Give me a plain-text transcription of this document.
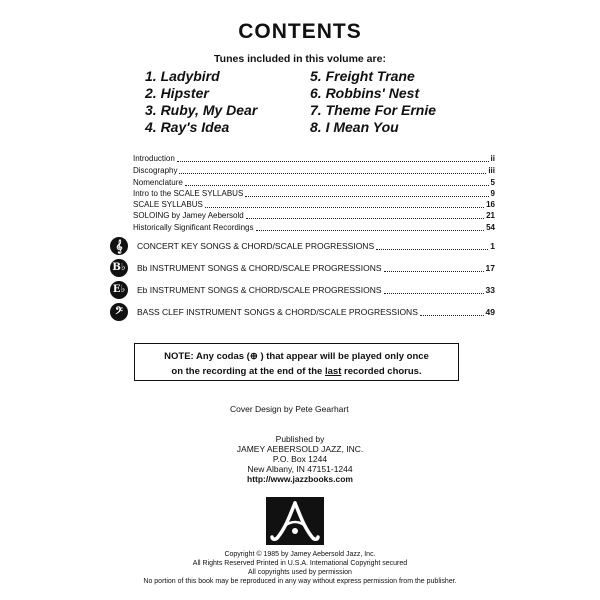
CONTENTS
Tunes included in this volume are:
1. Ladybird
2. Hipster
3. Ruby, My Dear
4. Ray's Idea
5. Freight Trane
6. Robbins' Nest
7. Theme For Ernie
8. I Mean You
Introduction	ii
Discography	iii
Nomenclature	5
Intro to the SCALE SYLLABUS	9
SCALE SYLLABUS	16
SOLOING by Jamey Aebersold	21
Historically Significant Recordings	54
𝄞	CONCERT KEY SONGS & CHORD/SCALE PROGRESSIONS	1
B♭	Bb INSTRUMENT SONGS & CHORD/SCALE PROGRESSIONS	17
E♭	Eb INSTRUMENT SONGS & CHORD/SCALE PROGRESSIONS	33
𝄢	BASS CLEF INSTRUMENT SONGS & CHORD/SCALE PROGRESSIONS	49
NOTE: Any codas (⊕ ) that appear will be played only once
on the recording at the end of the last recorded chorus.
Cover Design by Pete Gearhart
Published by
JAMEY AEBERSOLD JAZZ, INC.
P.O. Box 1244
New Albany, IN 47151-1244
http://www.jazzbooks.com
Copyright © 1985 by Jamey Aebersold Jazz, Inc.
All Rights Reserved Printed in U.S.A. International Copyright secured
All copyrights used by permission
No portion of this book may be reproduced in any way without express permission from the publisher.
